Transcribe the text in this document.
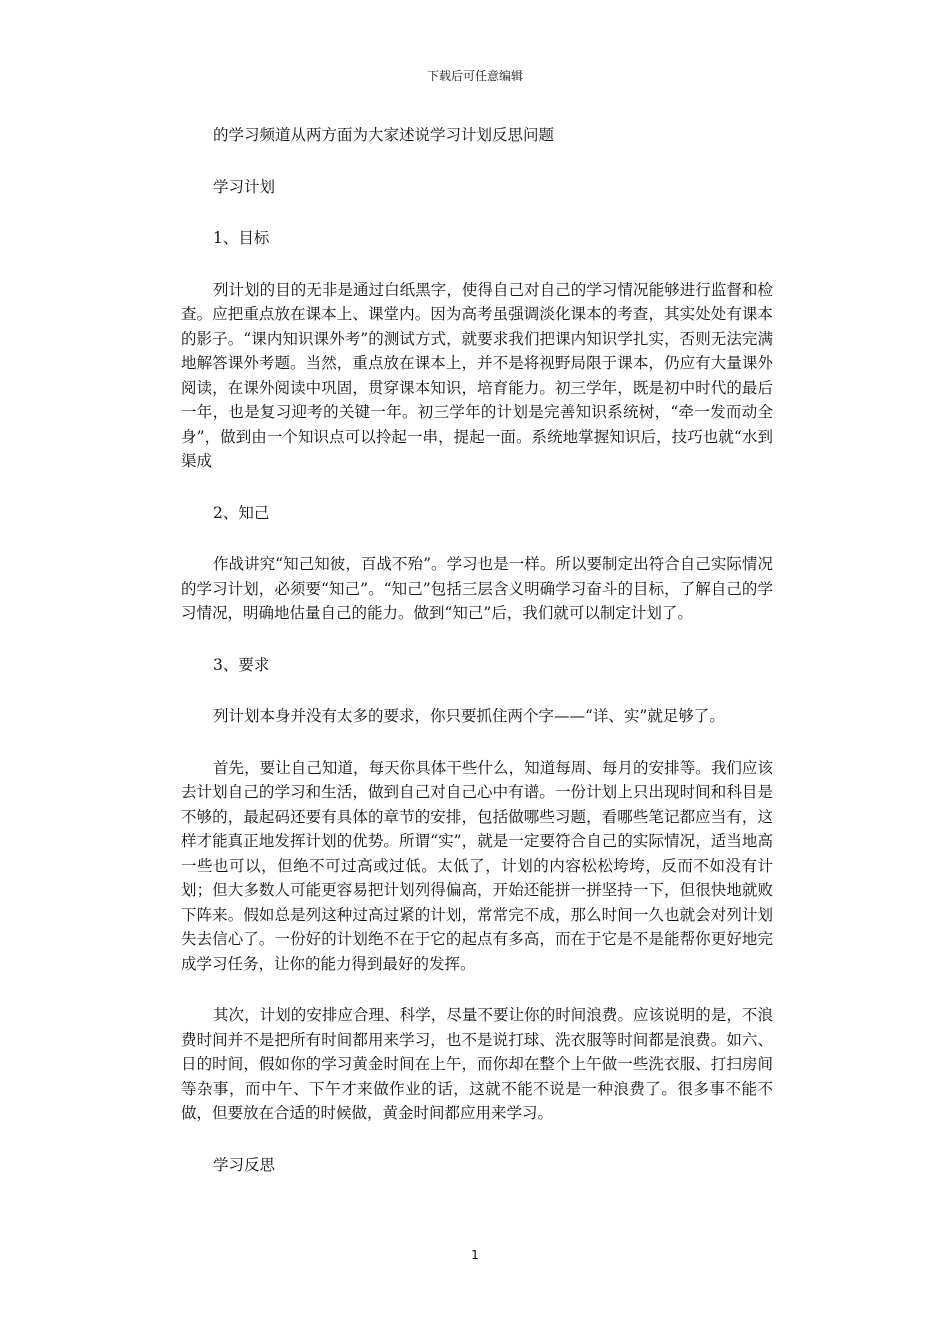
下载后可任意编辑

的学习频道从两方面为大家述说学习计划反思问题

学习计划

1、目标

列计划的目的无非是通过白纸黑字，使得自己对自己的学习情况能够进行监督和检查。应把重点放在课本上、课堂内。因为高考虽强调淡化课本的考查，其实处处有课本的影子。“课内知识课外考”的测试方式，就要求我们把课内知识学扎实，否则无法完满地解答课外考题。当然，重点放在课本上，并不是将视野局限于课本，仍应有大量课外阅读，在课外阅读中巩固，贯穿课本知识，培育能力。初三学年，既是初中时代的最后一年，也是复习迎考的关键一年。初三学年的计划是完善知识系统树，“牵一发而动全身”，做到由一个知识点可以拎起一串，提起一面。系统地掌握知识后，技巧也就“水到渠成

2、知己

作战讲究“知己知彼，百战不殆”。学习也是一样。所以要制定出符合自己实际情况的学习计划，必须要“知己”。“知己”包括三层含义明确学习奋斗的目标，了解自己的学习情况，明确地估量自己的能力。做到“知己”后，我们就可以制定计划了。

3、要求

列计划本身并没有太多的要求，你只要抓住两个字——“详、实”就足够了。

首先，要让自己知道，每天你具体干些什么，知道每周、每月的安排等。我们应该去计划自己的学习和生活，做到自己对自己心中有谱。一份计划上只出现时间和科目是不够的，最起码还要有具体的章节的安排，包括做哪些习题，看哪些笔记都应当有，这样才能真正地发挥计划的优势。所谓“实”，就是一定要符合自己的实际情况，适当地高一些也可以，但绝不可过高或过低。太低了，计划的内容松松垮垮，反而不如没有计划；但大多数人可能更容易把计划列得偏高，开始还能拼一拼坚持一下，但很快地就败下阵来。假如总是列这种过高过紧的计划，常常完不成，那么时间一久也就会对列计划失去信心了。一份好的计划绝不在于它的起点有多高，而在于它是不是能帮你更好地完成学习任务，让你的能力得到最好的发挥。

其次，计划的安排应合理、科学，尽量不要让你的时间浪费。应该说明的是，不浪费时间并不是把所有时间都用来学习，也不是说打球、洗衣服等时间都是浪费。如六、日的时间，假如你的学习黄金时间在上午，而你却在整个上午做一些洗衣服、打扫房间等杂事，而中午、下午才来做作业的话，这就不能不说是一种浪费了。很多事不能不做，但要放在合适的时候做，黄金时间都应用来学习。

学习反思

1
